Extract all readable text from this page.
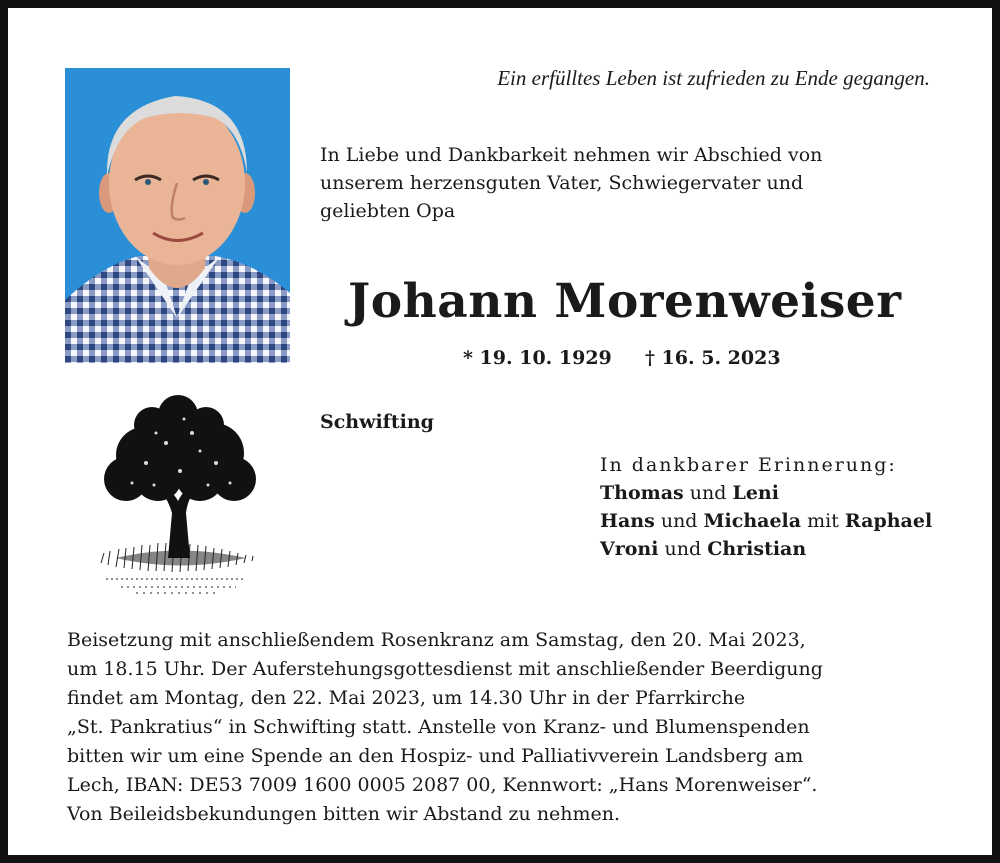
Ein erfülltes Leben ist zufrieden zu Ende gegangen.
In Liebe und Dankbarkeit nehmen wir Abschied von
unserem herzensguten Vater, Schwiegervater und
geliebten Opa
Johann Morenweiser
* 19. 10. 1929 † 16. 5. 2023
Schwifting
In dankbarer Erinnerung:
Thomas und Leni
Hans und Michaela mit Raphael
Vroni und Christian

Beisetzung mit anschließendem Rosenkranz am Samstag, den 20. Mai 2023,

um 18.15 Uhr. Der Auferstehungsgottesdienst mit anschließender Beerdigung

findet am Montag, den 22. Mai 2023, um 14.30 Uhr in der Pfarrkirche

„St. Pankratius“ in Schwifting statt. Anstelle von Kranz- und Blumenspenden

bitten wir um eine Spende an den Hospiz- und Palliativverein Landsberg am

Lech, IBAN: DE53 7009 1600 0005 2087 00, Kennwort: „Hans Morenweiser“.

Von Beileidsbekundungen bitten wir Abstand zu nehmen.
